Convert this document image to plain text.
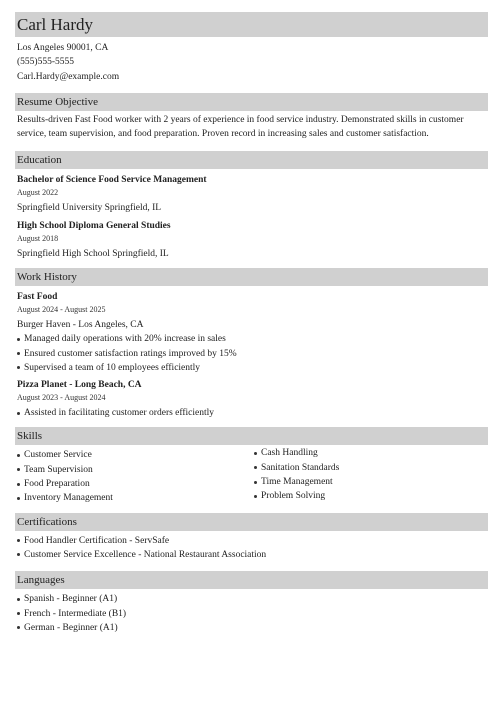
Carl Hardy
Los Angeles 90001, CA
(555)555-5555
Carl.Hardy@example.com
Resume Objective
Results-driven Fast Food worker with 2 years of experience in food service industry. Demonstrated skills in customer service, team supervision, and food preparation. Proven record in increasing sales and customer satisfaction.
Education
Bachelor of Science Food Service Management
August 2022
Springfield University Springfield, IL
High School Diploma General Studies
August 2018
Springfield High School Springfield, IL
Work History
Fast Food
August 2024 - August 2025
Burger Haven - Los Angeles, CA
Managed daily operations with 20% increase in sales
Ensured customer satisfaction ratings improved by 15%
Supervised a team of 10 employees efficiently
Pizza Planet - Long Beach, CA
August 2023 - August 2024
Assisted in facilitating customer orders efficiently
Skills
Customer Service
Team Supervision
Food Preparation
Inventory Management
Cash Handling
Sanitation Standards
Time Management
Problem Solving
Certifications
Food Handler Certification - ServSafe
Customer Service Excellence - National Restaurant Association
Languages
Spanish - Beginner (A1)
French - Intermediate (B1)
German - Beginner (A1)
